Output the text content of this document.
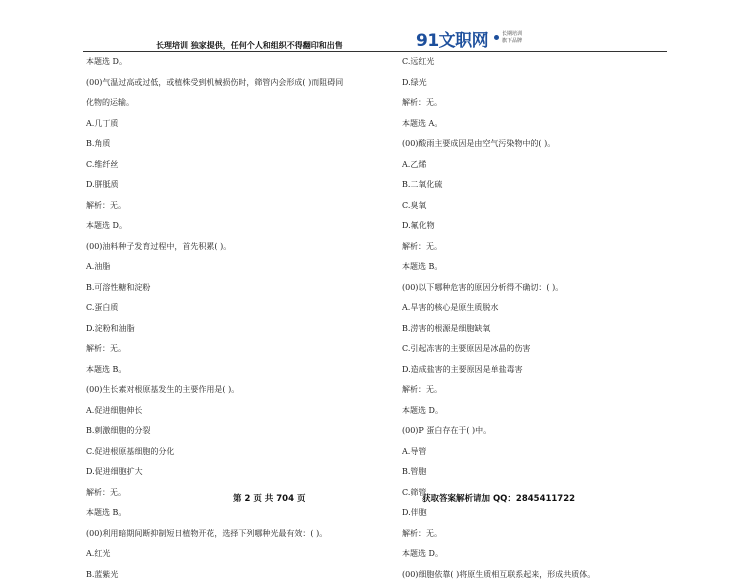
长理培训 独家提供，任何个人和组织不得翻印和出售	91文职网	长期培训
旗下品牌
本题选 D。
(00)气温过高或过低，或植株受到机械损伤时，筛管内会形成( )而阻碍同
化物的运输。
A.几丁质
B.角质
C.维纤丝
D.胼胝质
解析：无。
本题选 D。
(00)油料种子发育过程中，首先积累( )。
A.油脂
B.可溶性糖和淀粉
C.蛋白质
D.淀粉和油脂
解析：无。
本题选 B。
(00)生长素对根原基发生的主要作用是( )。
A.促进细胞伸长
B.刺激细胞的分裂
C.促进根原基细胞的分化
D.促进细胞扩大
解析：无。
本题选 B。
(00)利用暗期间断抑制短日植物开花，选择下列哪种光最有效：( )。
A.红光
B.蓝紫光
C.远红光
D.绿光
解析：无。
本题选 A。
(00)酸雨主要成因是由空气污染物中的( )。
A.乙烯
B.二氧化硫
C.臭氧
D.氟化物
解析：无。
本题选 B。
(00)以下哪种危害的原因分析得不确切：( )。
A.旱害的核心是原生质脱水
B.涝害的根源是细胞缺氧
C.引起冻害的主要原因是冰晶的伤害
D.造成盐害的主要原因是单盐毒害
解析：无。
本题选 D。
(00)P 蛋白存在于( )中。
A.导管
B.管胞
C.筛管
D.伴胞
解析：无。
本题选 D。
(00)细胞依靠( )将原生质相互联系起来，形成共质体。
第 2 页 共 704 页	获取答案解析请加 QQ：2845411722
